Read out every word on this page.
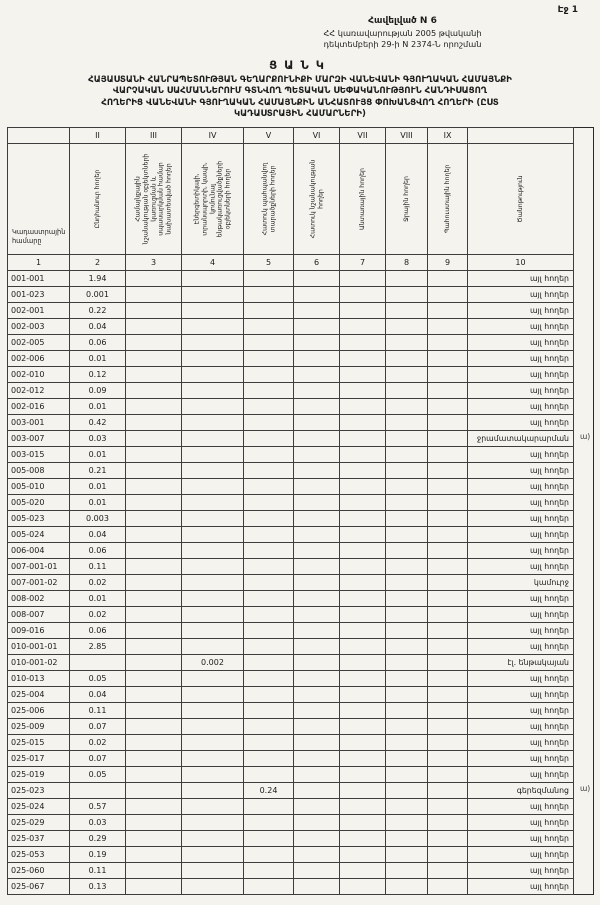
Էջ 1
Հավելված N 6
ՀՀ կառավարության 2005 թվականի
դեկտեմբերի 29-ի N 2374-Ն որոշման
ՑԱՆԿ
ՀԱՅԱՍՏԱՆԻ ՀԱՆՐԱՊԵՏՈՒԹՅԱՆ ԳԵՂԱՐՔՈՒՆԻՔԻ ՄԱՐԶԻ ՎԱՆԵՎԱՆԻ ԳՅՈՒՂԱԿԱՆ ՀԱՄԱՅՆՔԻ
ՎԱՐՉԱԿԱՆ ՍԱՀՄԱՆՆԵՐՈՒՄ ԳՏՆՎՈՂ ՊԵՏԱԿԱՆ ՍԵՓԱԿԱՆՈՒԹՅՈՒՆ ՀԱՆԴԻՍԱՑՈՂ
ՀՈՂԵՐԻՑ ՎԱՆԵՎԱՆԻ ԳՅՈՒՂԱԿԱՆ ՀԱՄԱՅՆՔԻՆ ԱՆՀԱՏՈՒՅՑ ՓՈԽԱՆՑՎՈՂ ՀՈՂԵՐԻ (ԸՍՏ
ԿԱԴԱՍՏՐԱՅԻՆ ՀԱՄԱՐՆԵՐԻ)
	II	III	IV	V	VI	VII	VIII	IX		
Կադաստրային համարը	Ընդհանուր հողեր	Համայնքային նշանակության օբյեկտների կառուցման և սպասարկման համար նախատեսված հողեր	Էներգետիկայի, տրանսպորտի, կապի, կոմունալ ենթակառուցվածքների օբյեկտների հողեր	Հատուկ պահպանվող տարածքների հողեր	Հատուկ նշանակության հողեր	Անտառային հողեր	Ջրային հողեր	Պահուստային հողեր	Ծանոթություն	

1	2	3	4	5	6	7	8	9	10	
001-001	1.94								այլ հողեր	
001-023	0.001								այլ հողեր	
002-001	0.22								այլ հողեր	
002-003	0.04								այլ հողեր	
002-005	0.06								այլ հողեր	
002-006	0.01								այլ հողեր	
002-010	0.12								այլ հողեր	
002-012	0.09								այլ հողեր	
002-016	0.01								այլ հողեր	
003-001	0.42								այլ հողեր	
003-007	0.03								ջրամատակարարման	
003-015	0.01								այլ հողեր	
005-008	0.21								այլ հողեր	
005-010	0.01								այլ հողեր	
005-020	0.01								այլ հողեր	
005-023	0.003								այլ հողեր	
005-024	0.04								այլ հողեր	
006-004	0.06								այլ հողեր	
007-001-01	0.11								այլ հողեր	
007-001-02	0.02								կամուրջ	
008-002	0.01								այլ հողեր	
008-007	0.02								այլ հողեր	
009-016	0.06								այլ հողեր	
010-001-01	2.85								այլ հողեր	
010-001-02			0.002						էլ. ենթակայան	
010-013	0.05								այլ հողեր	
025-004	0.04								այլ հողեր	
025-006	0.11								այլ հողեր	
025-009	0.07								այլ հողեր	
025-015	0.02								այլ հողեր	
025-017	0.07								այլ հողեր	
025-019	0.05								այլ հողեր	
025-023				0.24					գերեզմանոց	
025-024	0.57								այլ հողեր	
025-029	0.03								այլ հողեր	
025-037	0.29								այլ հողեր	
025-053	0.19								այլ հողեր	
025-060	0.11								այլ հողեր	
025-067	0.13								այլ հողեր	
ա)
ա)
